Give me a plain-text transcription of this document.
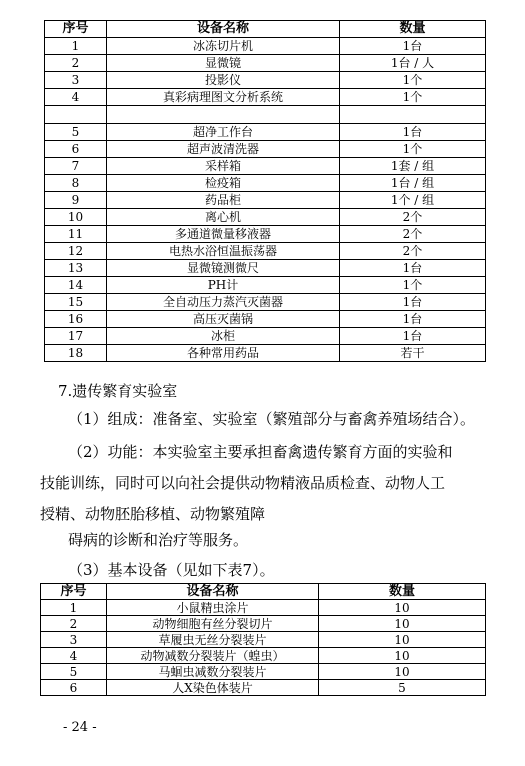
序号	设备名称	数量
1	冰冻切片机	1台
2	显微镜	1台 / 人
3	投影仪	1个
4	真彩病理图文分析系统	1个

5	超净工作台	1台
6	超声波清洗器	1个
7	采样箱	1套 / 组
8	检疫箱	1台 / 组
9	药品柜	1个 / 组
10	离心机	2个
11	多通道微量移液器	2个
12	电热水浴恒温振荡器	2个
13	显微镜测微尺	1台
14	PH计	1个
15	全自动压力蒸汽灭菌器	1台
16	高压灭菌锅	1台
17	冰柜	1台
18	各种常用药品	若干
7.遗传繁育实验室
（1）组成：准备室、实验室（繁殖部分与畜禽养殖场结合）。
（2）功能：本实验室主要承担畜禽遗传繁育方面的实验和
技能训练，同时可以向社会提供动物精液品质检查、动物人工
授精、动物胚胎移植、动物繁殖障
碍病的诊断和治疗等服务。
（3）基本设备（见如下表7）。
序号	设备名称	数量
1	小鼠精虫涂片	10
2	动物细胞有丝分裂切片	10
3	草履虫无丝分裂装片	10
4	动物减数分裂装片（蝗虫）	10
5	马蛔虫减数分裂装片	10
6	人X染色体装片	5
- 24 -
